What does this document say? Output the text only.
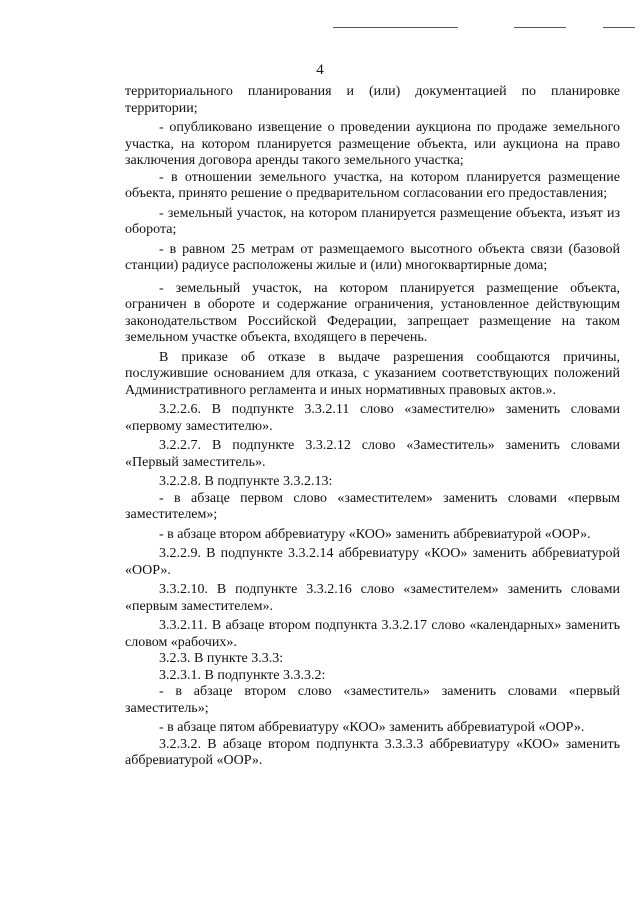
4

территориального планирования и (или) документацией по планировке территории;

- опубликовано извещение о проведении аукциона по продаже земельного участка, на котором планируется размещение объекта, или аукциона на право заключения договора аренды такого земельного участка;

- в отношении земельного участка, на котором планируется размещение объекта, принято решение о предварительном согласовании его предоставления;

- земельный участок, на котором планируется размещение объекта, изъят из оборота;

- в равном 25 метрам от размещаемого высотного объекта связи (базовой станции) радиусе расположены жилые и (или) многоквартирные дома;

- земельный участок, на котором планируется размещение объекта, ограничен в обороте и содержание ограничения, установленное действующим законодательством Российской Федерации, запрещает размещение на таком земельном участке объекта, входящего в перечень.

В приказе об отказе в выдаче разрешения сообщаются причины, послужившие основанием для отказа, с указанием соответствующих положений Административного регламента и иных нормативных правовых актов.».

3.2.2.6. В подпункте 3.3.2.11 слово «заместителю» заменить словами «первому заместителю».

3.2.2.7. В подпункте 3.3.2.12 слово «Заместитель» заменить словами «Первый заместитель».

3.2.2.8. В подпункте 3.3.2.13:

- в абзаце первом слово «заместителем» заменить словами «первым заместителем»;

- в абзаце втором аббревиатуру «КОО» заменить аббревиатурой «ООР».

3.2.2.9. В подпункте 3.3.2.14 аббревиатуру «КОО» заменить аббревиатурой «ООР».

3.3.2.10. В подпункте 3.3.2.16 слово «заместителем» заменить словами «первым заместителем».

3.3.2.11. В абзаце втором подпункта 3.3.2.17 слово «календарных» заменить словом «рабочих».

3.2.3. В пункте 3.3.3:

3.2.3.1. В подпункте 3.3.3.2:

- в абзаце втором слово «заместитель» заменить словами «первый заместитель»;

- в абзаце пятом аббревиатуру «КОО» заменить аббревиатурой «ООР».

3.2.3.2. В абзаце втором подпункта 3.3.3.3 аббревиатуру «КОО» заменить аббревиатурой «ООР».
